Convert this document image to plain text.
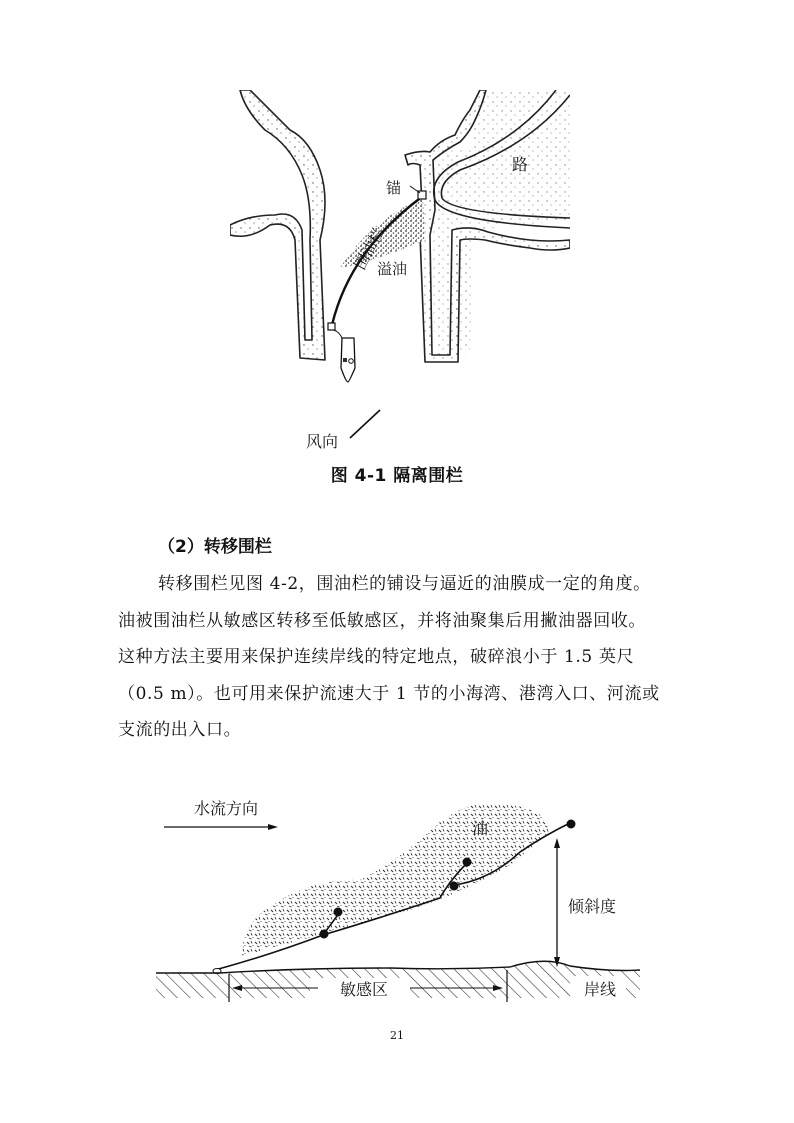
路
锚
围油栏
溢油
风向
图 4-1 隔离围栏
（2）转移围栏
转移围栏见图 4-2，围油栏的铺设与逼近的油膜成一定的角度。
油被围油栏从敏感区转移至低敏感区，并将油聚集后用撇油器回收。
这种方法主要用来保护连续岸线的特定地点，破碎浪小于 1.5 英尺
（0.5 m）。也可用来保护流速大于 1 节的小海湾、港湾入口、河流或
支流的出入口。
水流方向
倾斜度
油
敏感区	岸线
21
